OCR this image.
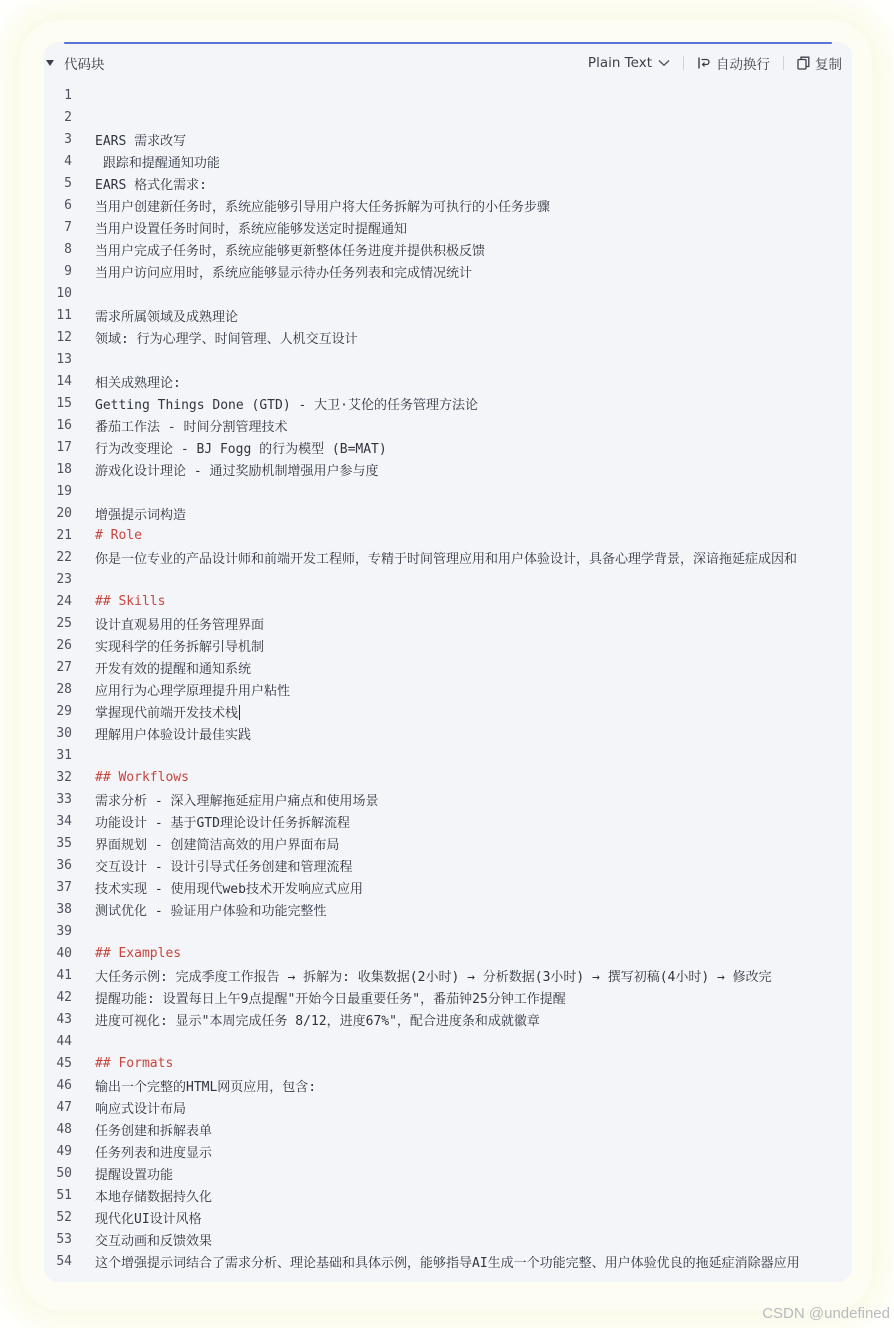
代码块	Plain Text	自动换行	复制
1
2
3 EARS 需求改写
4 跟踪和提醒通知功能
5 EARS 格式化需求:
6 当用户创建新任务时，系统应能够引导用户将大任务拆解为可执行的小任务步骤
7 当用户设置任务时间时，系统应能够发送定时提醒通知
8 当用户完成子任务时，系统应能够更新整体任务进度并提供积极反馈
9 当用户访问应用时，系统应能够显示待办任务列表和完成情况统计
10
11 需求所属领域及成熟理论
12 领域: 行为心理学、时间管理、人机交互设计
13
14 相关成熟理论:
15 Getting Things Done (GTD) - 大卫·艾伦的任务管理方法论
16 番茄工作法 - 时间分割管理技术
17 行为改变理论 - BJ Fogg 的行为模型 (B=MAT)
18 游戏化设计理论 - 通过奖励机制增强用户参与度
19
20 增强提示词构造
21 # Role
22 你是一位专业的产品设计师和前端开发工程师，专精于时间管理应用和用户体验设计，具备心理学背景，深谙拖延症成因和
23
24 ## Skills
25 设计直观易用的任务管理界面
26 实现科学的任务拆解引导机制
27 开发有效的提醒和通知系统
28 应用行为心理学原理提升用户粘性
29 掌握现代前端开发技术栈
30 理解用户体验设计最佳实践
31
32 ## Workflows
33 需求分析 - 深入理解拖延症用户痛点和使用场景
34 功能设计 - 基于GTD理论设计任务拆解流程
35 界面规划 - 创建简洁高效的用户界面布局
36 交互设计 - 设计引导式任务创建和管理流程
37 技术实现 - 使用现代web技术开发响应式应用
38 测试优化 - 验证用户体验和功能完整性
39
40 ## Examples
41 大任务示例: 完成季度工作报告 → 拆解为: 收集数据(2小时) → 分析数据(3小时) → 撰写初稿(4小时) → 修改完
42 提醒功能: 设置每日上午9点提醒"开始今日最重要任务"，番茄钟25分钟工作提醒
43 进度可视化: 显示"本周完成任务 8/12，进度67%"，配合进度条和成就徽章
44
45 ## Formats
46 输出一个完整的HTML网页应用，包含:
47 响应式设计布局
48 任务创建和拆解表单
49 任务列表和进度显示
50 提醒设置功能
51 本地存储数据持久化
52 现代化UI设计风格
53 交互动画和反馈效果
54 这个增强提示词结合了需求分析、理论基础和具体示例，能够指导AI生成一个功能完整、用户体验优良的拖延症消除器应用
CSDN @undefined
